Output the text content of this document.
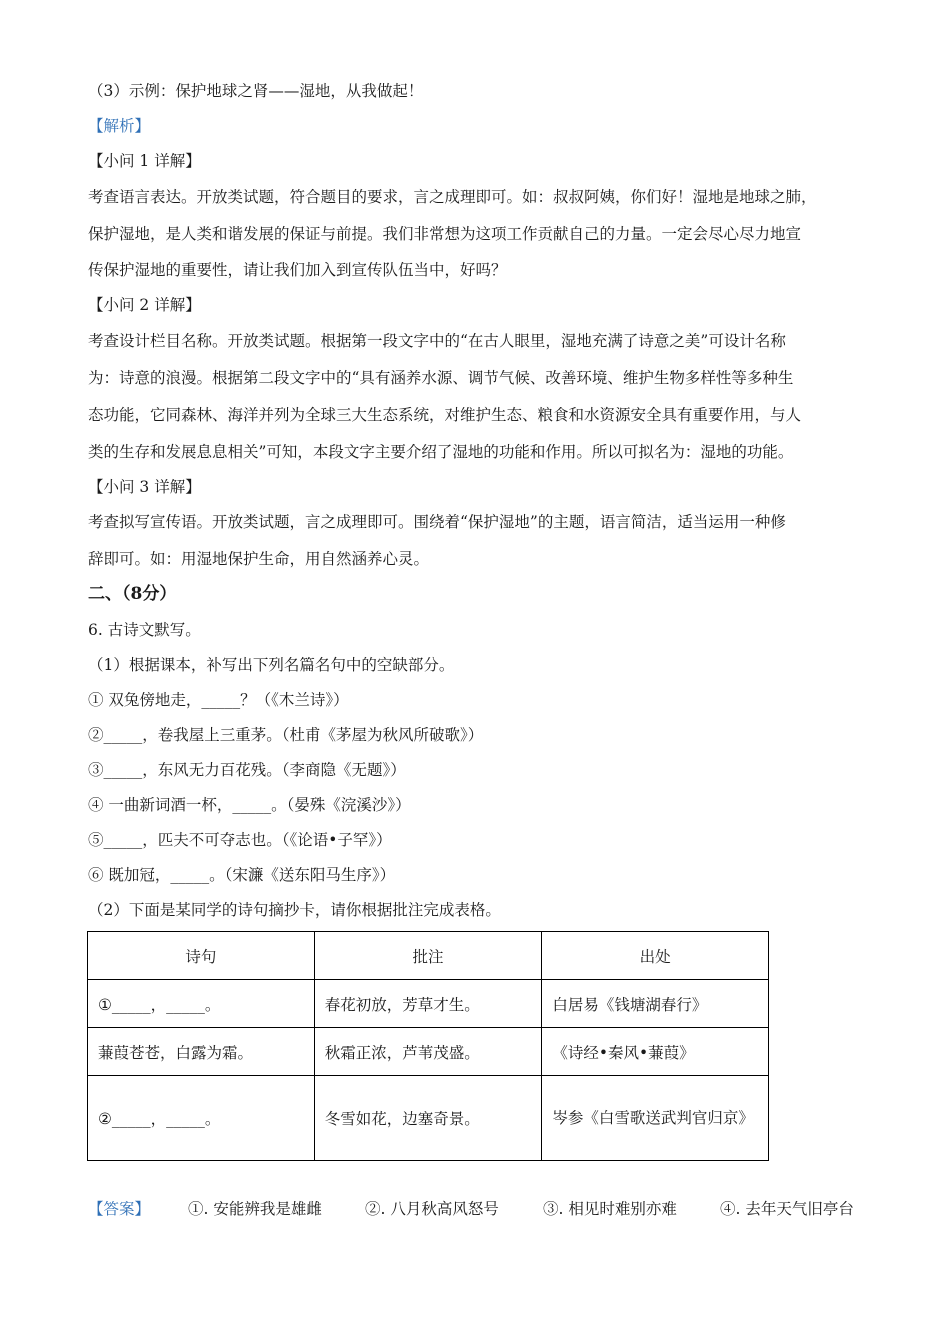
（3）示例：保护地球之肾——湿地，从我做起！
【解析】
【小问 1 详解】
考查语言表达。开放类试题，符合题目的要求，言之成理即可。如：叔叔阿姨，你们好！湿地是地球之肺，
保护湿地，是人类和谐发展的保证与前提。我们非常想为这项工作贡献自己的力量。一定会尽心尽力地宣
传保护湿地的重要性，请让我们加入到宣传队伍当中，好吗？
【小问 2 详解】
考查设计栏目名称。开放类试题。根据第一段文字中的“在古人眼里，湿地充满了诗意之美”可设计名称
为：诗意的浪漫。根据第二段文字中的“具有涵养水源、调节气候、改善环境、维护生物多样性等多种生
态功能，它同森林、海洋并列为全球三大生态系统，对维护生态、粮食和水资源安全具有重要作用，与人
类的生存和发展息息相关”可知，本段文字主要介绍了湿地的功能和作用。所以可拟名为：湿地的功能。
【小问 3 详解】
考查拟写宣传语。开放类试题，言之成理即可。围绕着“保护湿地”的主题，语言简洁，适当运用一种修
辞即可。如：用湿地保护生命，用自然涵养心灵。
二、（8分）
6. 古诗文默写。
（1）根据课本，补写出下列名篇名句中的空缺部分。
① 双兔傍地走，_____？（《木兰诗》）
②_____，卷我屋上三重茅。（杜甫《茅屋为秋风所破歌》）
③_____，东风无力百花残。（李商隐《无题》）
④ 一曲新词酒一杯，_____。（晏殊《浣溪沙》）
⑤_____，匹夫不可夺志也。（《论语•子罕》）
⑥ 既加冠，_____。（宋濂《送东阳马生序》）
（2）下面是某同学的诗句摘抄卡，请你根据批注完成表格。
诗句	批注	出处
①_____，_____。	春花初放，芳草才生。	白居易《钱塘湖春行》
蒹葭苍苍，白露为霜。	秋霜正浓，芦苇茂盛。	《诗经•秦风•蒹葭》
②_____，_____。	冬雪如花，边塞奇景。	岑参《白雪歌送武判官归京》
【答案】 ①. 安能辨我是雄雌	②. 八月秋高风怒号	③. 相见时难别亦难	④. 去年天气旧亭台
